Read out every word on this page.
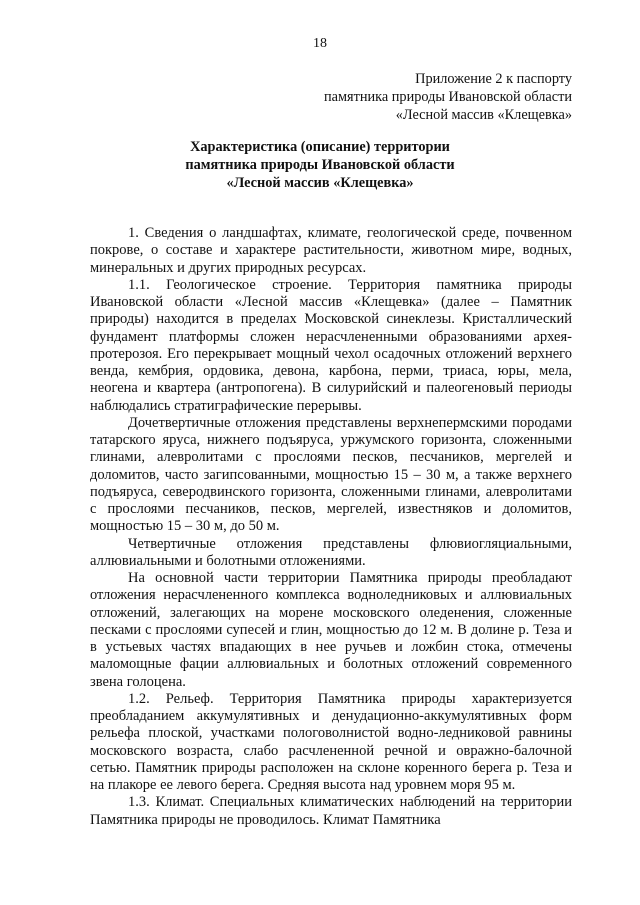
18
Приложение 2 к паспорту
памятника природы Ивановской области
«Лесной массив «Клещевка»
Характеристика (описание) территории
памятника природы Ивановской области
«Лесной массив «Клещевка»

1. Сведения о ландшафтах, климате, геологической среде, почвенном покрове, о составе и характере растительности, животном мире, водных, минеральных и других природных ресурсах.

1.1. Геологическое строение. Территория памятника природы Ивановской области «Лесной массив «Клещевка» (далее – Памятник природы) находится в пределах Московской синеклезы. Кристаллический фундамент платформы сложен нерасчлененными образованиями архея-протерозоя. Его перекрывает мощный чехол осадочных отложений верхнего венда, кембрия, ордовика, девона, карбона, перми, триаса, юры, мела, неогена и квартера (антропогена). В силурийский и палеогеновый периоды наблюдались стратиграфические перерывы.

Дочетвертичные отложения представлены верхнепермскими породами татарского яруса, нижнего подъяруса, уржумского горизонта, сложенными глинами, алевролитами с прослоями песков, песчаников, мергелей и доломитов, часто загипсованными, мощностью 15 – 30 м, а также верхнего подъяруса, северодвинского горизонта, сложенными глинами, алевролитами с прослоями песчаников, песков, мергелей, известняков и доломитов, мощностью 15 – 30 м, до 50 м.

Четвертичные отложения представлены флювиогляциальными, аллювиальными и болотными отложениями.

На основной части территории Памятника природы преобладают отложения нерасчлененного комплекса водноледниковых и аллювиальных отложений, залегающих на морене московского оледенения, сложенные песками с прослоями супесей и глин, мощностью до 12 м. В долине р. Теза и в устьевых частях впадающих в нее ручьев и ложбин стока, отмечены маломощные фации аллювиальных и болотных отложений современного звена голоцена.

1.2. Рельеф. Территория Памятника природы характеризуется преобладанием аккумулятивных и денудационно-аккумулятивных форм рельефа плоской, участками пологоволнистой водно-ледниковой равнины московского возраста, слабо расчлененной речной и овражно-балочной сетью. Памятник природы расположен на склоне коренного берега р. Теза и на плакоре ее левого берега. Средняя высота над уровнем моря 95 м.

1.3. Климат. Специальных климатических наблюдений на территории Памятника природы не проводилось. Климат Памятника
